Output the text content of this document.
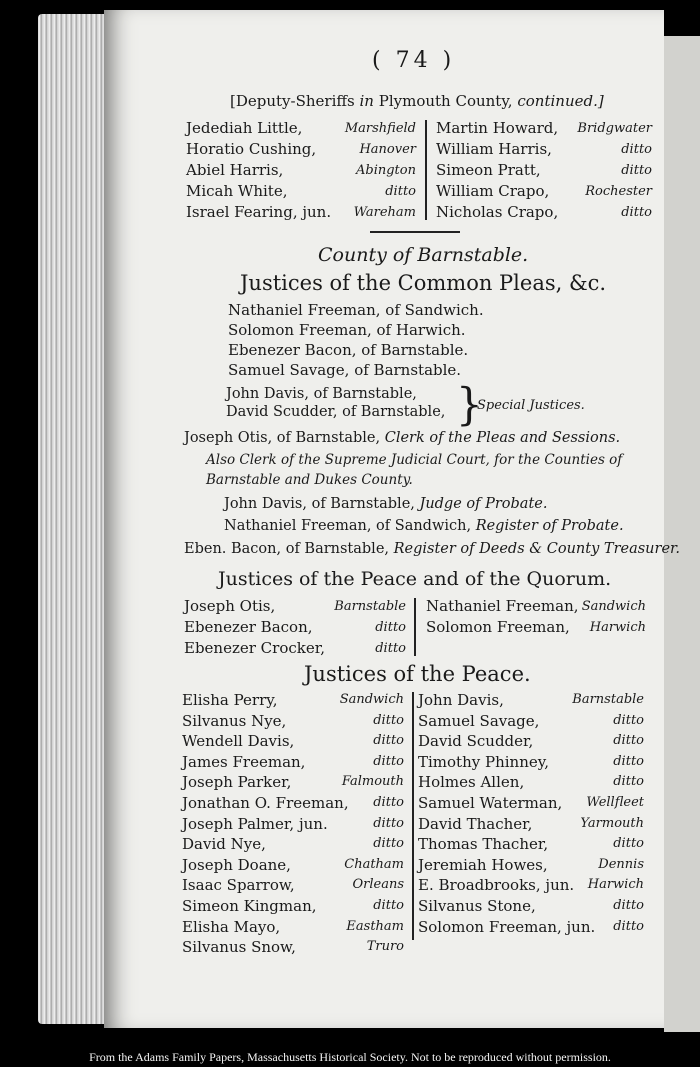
( 74 )
[Deputy-Sheriffs in Plymouth County, continued.]
Jedediah Little,	Marshfield
Horatio Cushing,	Hanover
Abiel Harris,	Abington
Micah White,	ditto
Israel Fearing, jun. Wareham
Martin Howard, Bridgwater
William Harris,	ditto
Simeon Pratt,	ditto
William Crapo,	Rochester
Nicholas Crapo,	ditto
County of Barnstable.
Justices of the Common Pleas, &c.
Nathaniel Freeman, of Sandwich.
Solomon Freeman, of Harwich.
Ebenezer Bacon, of Barnstable.
Samuel Savage, of Barnstable.
John Davis, of Barnstable,
David Scudder, of Barnstable, }
Special Justices.
Joseph Otis, of Barnstable, Clerk of the Pleas and Sessions.
Also Clerk of the Supreme Judicial Court, for the Counties of
Barnstable and Dukes County.
John Davis, of Barnstable, Judge of Probate.
Nathaniel Freeman, of Sandwich, Register of Probate.
Eben. Bacon, of Barnstable, Register of Deeds & County Treasurer.
Justices of the Peace and of the Quorum.
Joseph Otis,	Barnstable
Ebenezer Bacon,	ditto
Ebenezer Crocker,	ditto
Nathaniel Freeman, Sandwich
Solomon Freeman, Harwich
Justices of the Peace.
Elisha Perry,	Sandwich
Silvanus Nye,	ditto
Wendell Davis,	ditto
James Freeman,	ditto
Joseph Parker,	Falmouth
Jonathan O. Freeman, ditto
Joseph Palmer, jun.	ditto
David Nye,	ditto
Joseph Doane,	Chatham
Isaac Sparrow,	Orleans
Simeon Kingman,	ditto
Elisha Mayo,	Eastham
Silvanus Snow,	Truro
John Davis,	Barnstable
Samuel Savage,	ditto
David Scudder,	ditto
Timothy Phinney,	ditto
Holmes Allen,	ditto
Samuel Waterman, Wellfleet
David Thacher,	Yarmouth
Thomas Thacher,	ditto
Jeremiah Howes,	Dennis
E. Broadbrooks, jun. Harwich
Silvanus Stone,	ditto
Solomon Freeman, jun. ditto
From the Adams Family Papers, Massachusetts Historical Society. Not to be reproduced without permission.
